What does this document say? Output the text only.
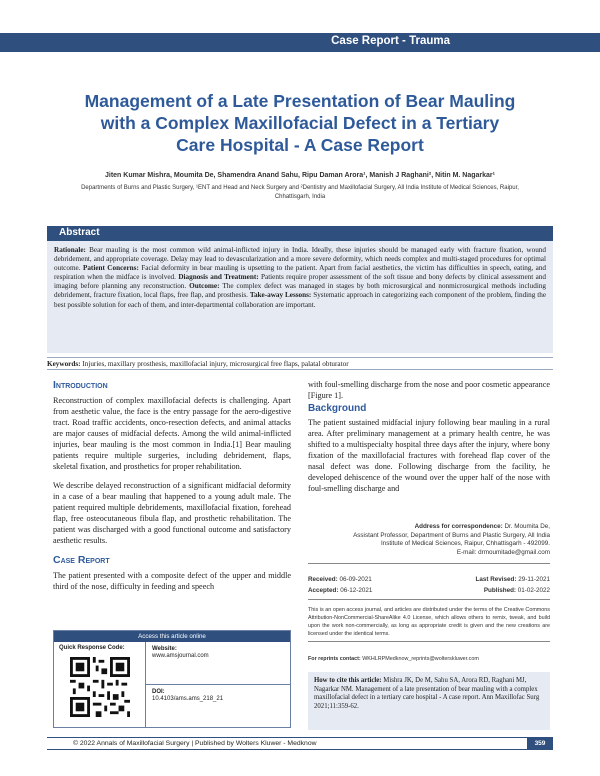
Case Report - Trauma
Management of a Late Presentation of Bear Mauling with a Complex Maxillofacial Defect in a Tertiary Care Hospital - A Case Report
Jiten Kumar Mishra, Moumita De, Shamendra Anand Sahu, Ripu Daman Arora¹, Manish J Raghani², Nitin M. Nagarkar¹
Departments of Burns and Plastic Surgery, ¹ENT and Head and Neck Surgery and ²Dentistry and Maxillofacial Surgery, All India Institute of Medical Sciences, Raipur, Chhattisgarh, India
Abstract
Rationale: Bear mauling is the most common wild animal-inflicted injury in India. Ideally, these injuries should be managed early with fracture fixation, wound debridement, and appropriate coverage. Delay may lead to devascularization and a more severe deformity, which needs complex and multi-staged procedures for optimal outcome. Patient Concerns: Facial deformity in bear mauling is upsetting to the patient. Apart from facial aesthetics, the victim has difficulties in speech, eating, and respiration when the midface is involved. Diagnosis and Treatment: Patients require proper assessment of the soft tissue and bony defects by clinical assessment and imaging before planning any reconstruction. Outcome: The complex defect was managed in stages by both microsurgical and nonmicrosurgical methods including debridement, fracture fixation, local flaps, free flap, and prosthesis. Take-away Lessons: Systematic approach in categorizing each component of the problem, finding the best possible solution for each of them, and inter-departmental collaboration are important.
Keywords: Injuries, maxillary prosthesis, maxillofacial injury, microsurgical free flaps, palatal obturator
Introduction

Reconstruction of complex maxillofacial defects is challenging. Apart from aesthetic value, the face is the entry passage for the aero-digestive tract. Road traffic accidents, onco-resection defects, and animal attacks are major causes of midfacial defects. Among the wild animal-inflicted injuries, bear mauling is the most common in India.[1] Bear mauling patients require multiple surgeries, including debridement, flaps, skeletal fixation, and prosthetics for proper rehabilitation.

We describe delayed reconstruction of a significant midfacial deformity in a case of a bear mauling that happened to a young adult male. The patient required multiple debridements, maxillofacial fixation, forehead flap, free osteocutaneous fibula flap, and prosthetic rehabilitation. The patient was discharged with a good functional outcome and satisfactory aesthetic results.

Case Report

The patient presented with a composite defect of the upper and middle third of the nose, difficulty in feeding and speech

with foul-smelling discharge from the nose and poor cosmetic appearance [Figure 1].

Background

The patient sustained midfacial injury following bear mauling in a rural area. After preliminary management at a primary health centre, he was shifted to a multispecialty hospital three days after the injury, where bony fixation of the maxillofacial fractures with forehead flap cover of the nasal defect was done. Following discharge from the facility, he developed dehiscence of the wound over the upper half of the nose with foul-smelling discharge and

Address for correspondence: Dr. Moumita De,
Assistant Professor, Department of Burns and Plastic Surgery, All India
Institute of Medical Sciences, Raipur, Chhattisgarh - 492099.
E-mail: drmoumitade@gmail.com
Received: 06-09-2021	Last Revised: 29-11-2021
Accepted: 06-12-2021	Published: 01-02-2022
This is an open access journal, and articles are distributed under the terms of the Creative Commons Attribution-NonCommercial-ShareAlike 4.0 License, which allows others to remix, tweak, and build upon the work non-commercially, as long as appropriate credit is given and the new creations are licensed under the identical terms.
For reprints contact: WKHLRPMedknow_reprints@wolterskluwer.com
How to cite this article: Mishra JK, De M, Sahu SA, Arora RD, Raghani MJ, Nagarkar NM. Management of a late presentation of bear mauling with a complex maxillofacial defect in a tertiary care hospital - A case report. Ann Maxillofac Surg 2021;11:359-62.
Access this article online
Quick Response Code:	Website:
www.amsjournal.com
DOI:
10.4103/ams.ams_218_21
© 2022 Annals of Maxillofacial Surgery | Published by Wolters Kluwer - Medknow	359
